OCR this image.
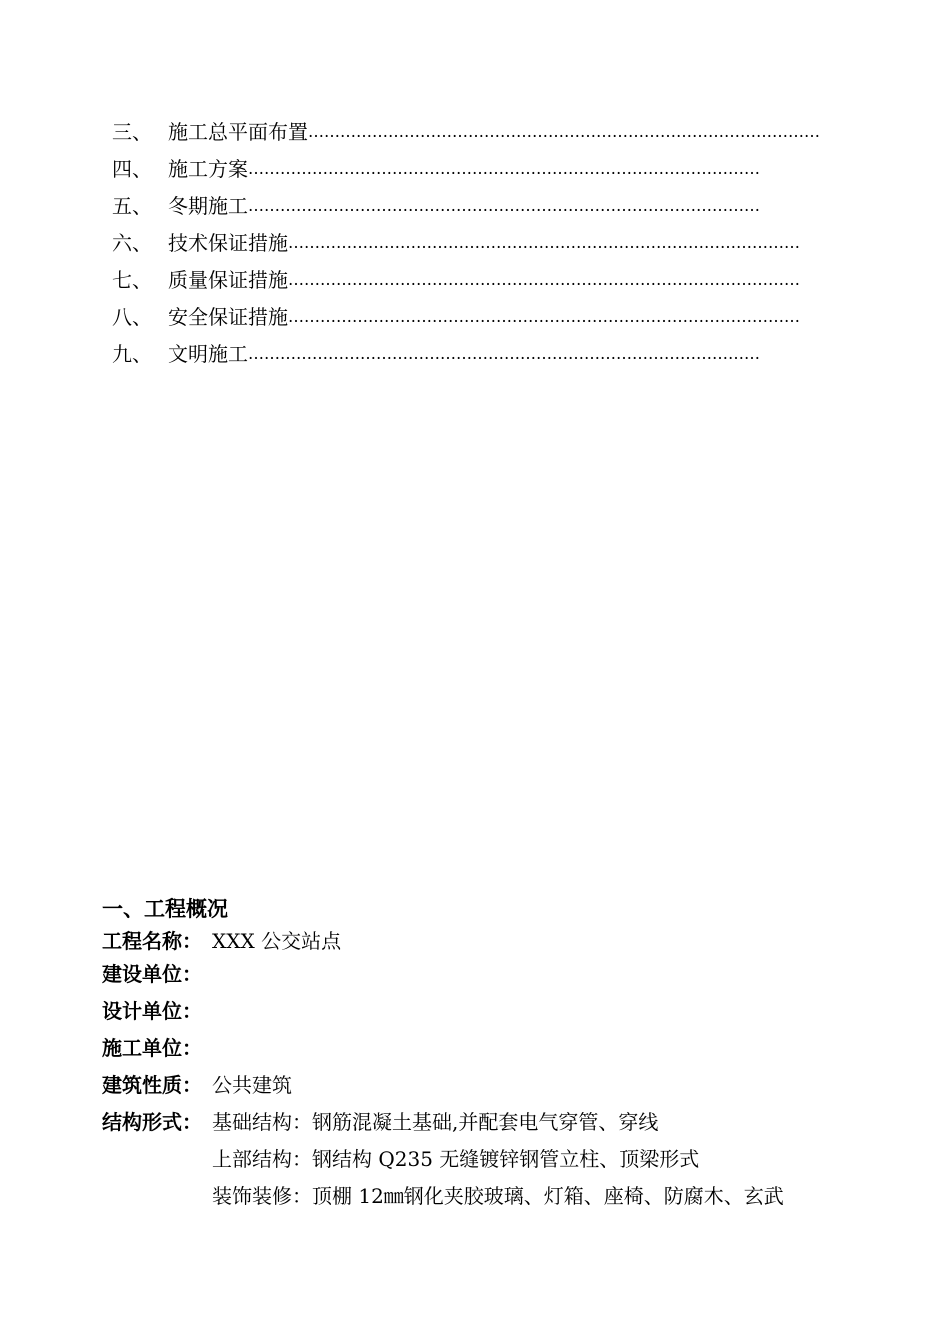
三、 施工总平面布置 ……………………………………………………………………………………
四、 施工方案 ……………………………………………………………………………………
五、 冬期施工 ……………………………………………………………………………………
六、 技术保证措施 ……………………………………………………………………………………
七、 质量保证措施 ……………………………………………………………………………………
八、 安全保证措施 ……………………………………………………………………………………
九、 文明施工 ……………………………………………………………………………………
一、工程概况
工程名称： XXX 公交站点
建设单位：
设计单位：
施工单位：
建筑性质： 公共建筑
结构形式： 基础结构：钢筋混凝土基础,并配套电气穿管、穿线
上部结构：钢结构 Q235 无缝镀锌钢管立柱、顶梁形式
装饰装修：顶棚 12㎜钢化夹胶玻璃、灯箱、座椅、防腐木、玄武
